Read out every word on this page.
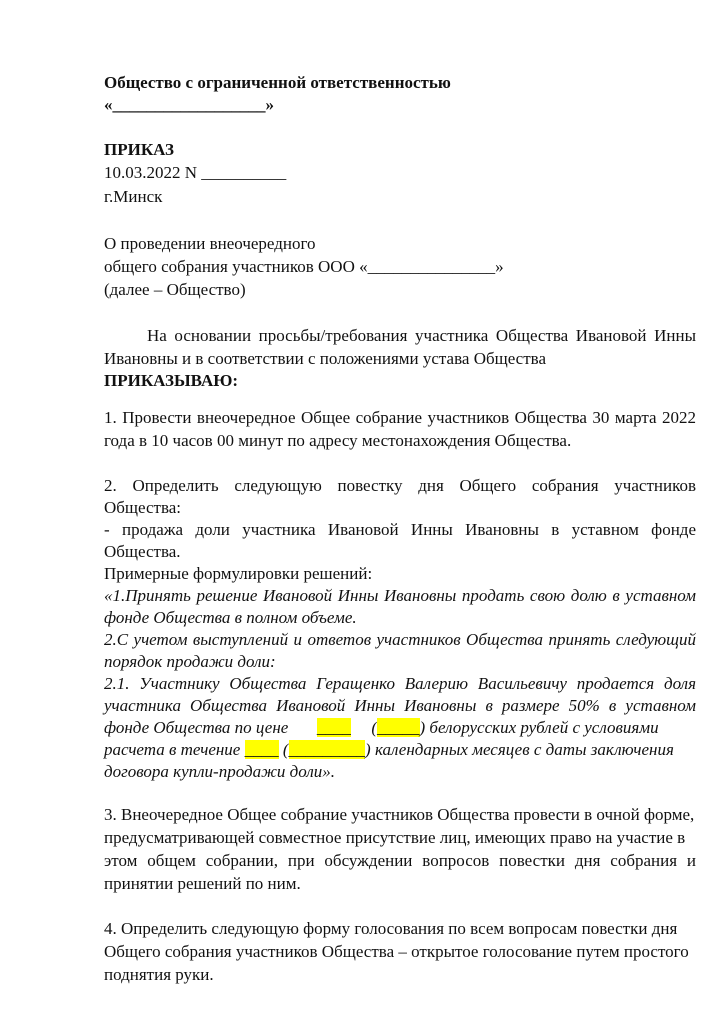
Общество с ограниченной ответственностью
«__________________»
ПРИКАЗ
10.03.2022 N __________
г.Минск
О проведении внеочередного
общего собрания участников ООО «_______________»
(далее – Общество)
На основании просьбы/требования участника Общества Ивановой Инны
Ивановны и в соответствии с положениями устава Общества
ПРИКАЗЫВАЮ:
1. Провести внеочередное Общее собрание участников Общества 30 марта 2022
года в 10 часов 00 минут по адресу местонахождения Общества.
2. Определить следующую повестку дня Общего собрания участников
Общества:
- продажа доли участника Ивановой Инны Ивановны в уставном фонде
Общества.
Примерные формулировки решений:
«1.Принять решение Ивановой Инны Ивановны продать свою долю в уставном
фонде Общества в полном объеме.
2.С учетом выступлений и ответов участников Общества принять следующий
порядок продажи доли:
2.1. Участнику Общества Геращенко Валерию Васильевичу продается доля
участника Общества Ивановой Инны Ивановны в размере 50% в уставном
фонде Общества по цене ____ (_____) белорусских рублей с условиями
расчета в течение ____ (_________) календарных месяцев с даты заключения
договора купли-продажи доли».
3. Внеочередное Общее собрание участников Общества провести в очной форме,
предусматривающей совместное присутствие лиц, имеющих право на участие в
этом общем собрании, при обсуждении вопросов повестки дня собрания и
принятии решений по ним.
4. Определить следующую форму голосования по всем вопросам повестки дня
Общего собрания участников Общества – открытое голосование путем простого
поднятия руки.
